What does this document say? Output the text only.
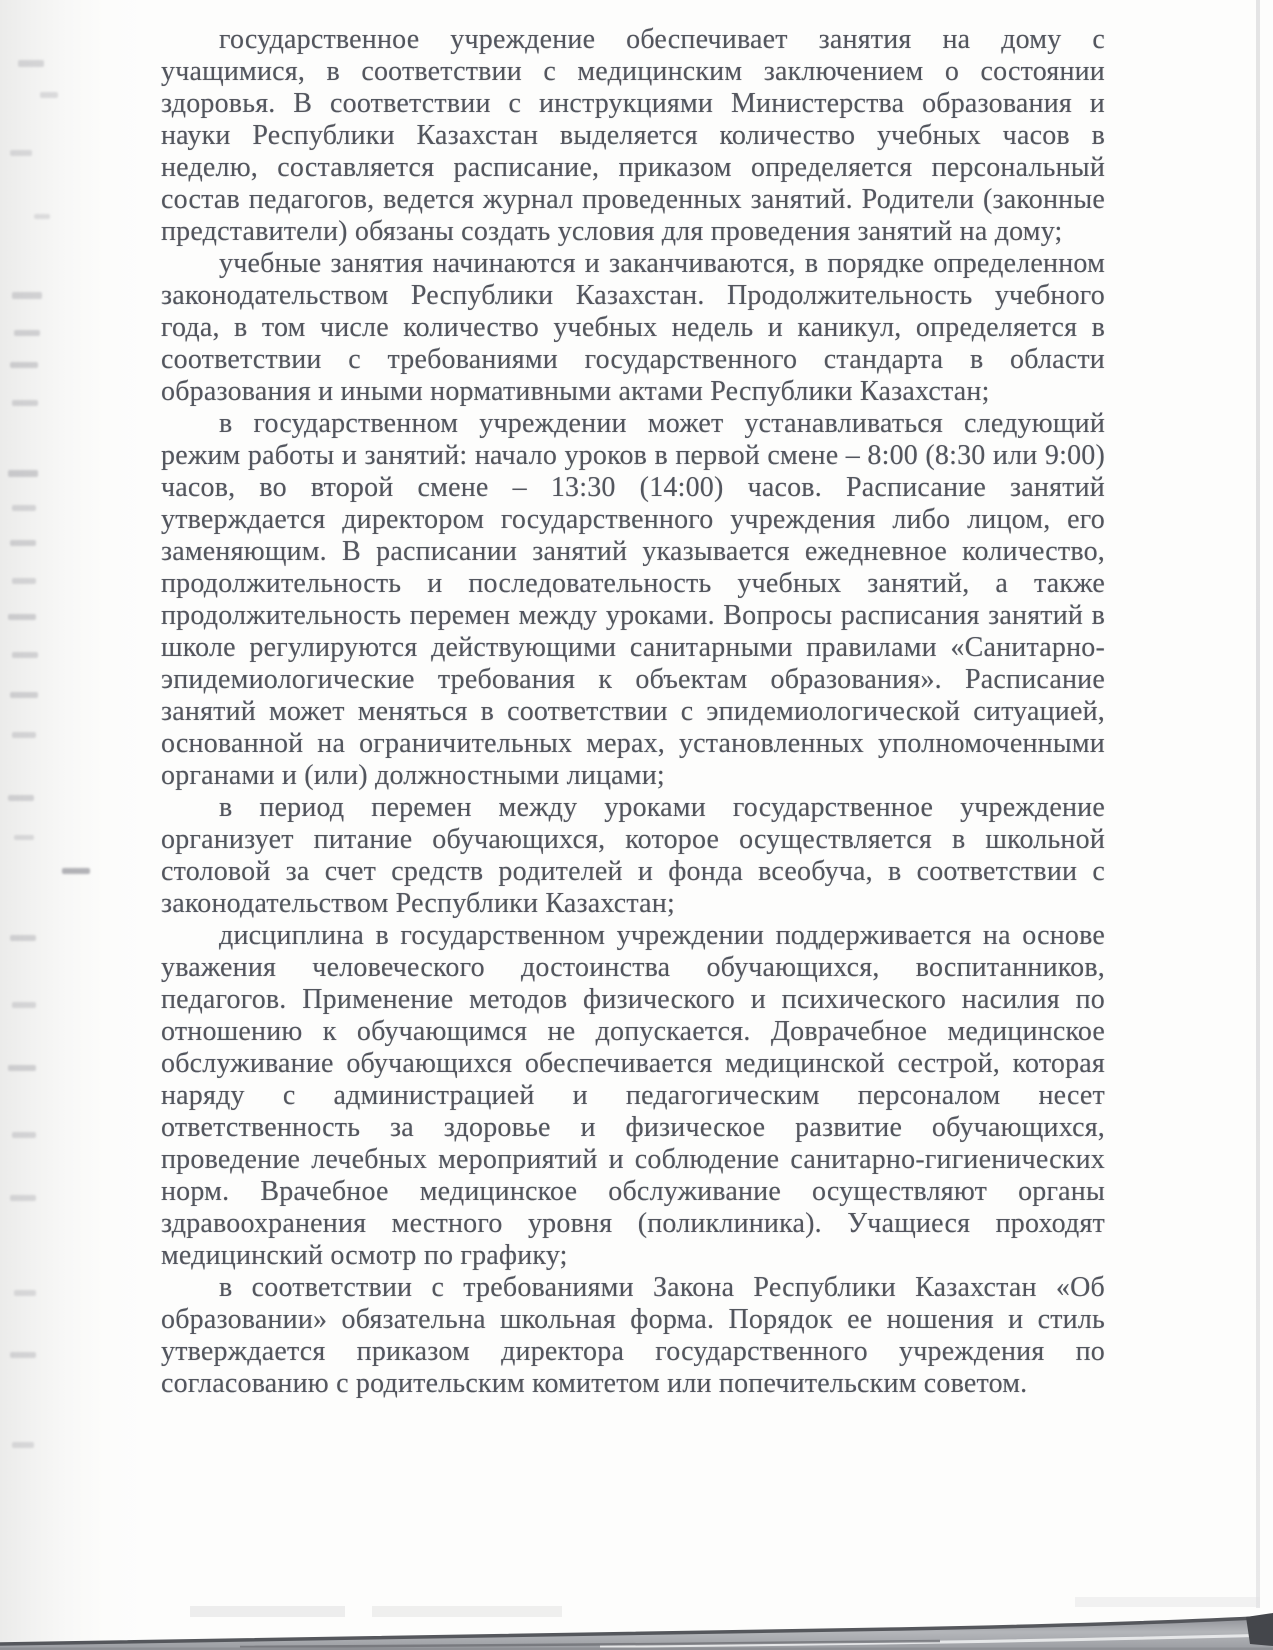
государственное учреждение обеспечивает занятия на дому с учащимися, в соответствии с медицинским заключением о состоянии здоровья. В соответствии с инструкциями Министерства образования и науки Республики Казахстан выделяется количество учебных часов в неделю, составляется расписание, приказом определяется персональный состав педагогов, ведется журнал проведенных занятий. Родители (законные представители) обязаны создать условия для проведения занятий на дому;

учебные занятия начинаются и заканчиваются, в порядке определенном законодательством Республики Казахстан. Продолжительность учебного года, в том числе количество учебных недель и каникул, определяется в соответствии с требованиями государственного стандарта в области образования и иными нормативными актами Республики Казахстан;

в государственном учреждении может устанавливаться следующий режим работы и занятий: начало уроков в первой смене – 8:00 (8:30 или 9:00) часов, во второй смене – 13:30 (14:00) часов. Расписание занятий утверждается директором государственного учреждения либо лицом, его заменяющим. В расписании занятий указывается ежедневное количество, продолжительность и последовательность учебных занятий, а также продолжительность перемен между уроками. Вопросы расписания занятий в школе регулируются действующими санитарными правилами «Санитарно-эпидемиологические требования к объектам образования». Расписание занятий может меняться в соответствии с эпидемиологической ситуацией, основанной на ограничительных мерах, установленных уполномоченными органами и (или) должностными лицами;

в период перемен между уроками государственное учреждение организует питание обучающихся, которое осуществляется в школьной столовой за счет средств родителей и фонда всеобуча, в соответствии с законодательством Республики Казахстан;

дисциплина в государственном учреждении поддерживается на основе уважения человеческого достоинства обучающихся, воспитанников, педагогов. Применение методов физического и психического насилия по отношению к обучающимся не допускается. Доврачебное медицинское обслуживание обучающихся обеспечивается медицинской сестрой, которая наряду с администрацией и педагогическим персоналом несет ответственность за здоровье и физическое развитие обучающихся, проведение лечебных мероприятий и соблюдение санитарно-гигиенических норм. Врачебное медицинское обслуживание осуществляют органы здравоохранения местного уровня (поликлиника). Учащиеся проходят медицинский осмотр по графику;

в соответствии с требованиями Закона Республики Казахстан «Об образовании» обязательна школьная форма. Порядок ее ношения и стиль утверждается приказом директора государственного учреждения по согласованию с родительским комитетом или попечительским советом.
